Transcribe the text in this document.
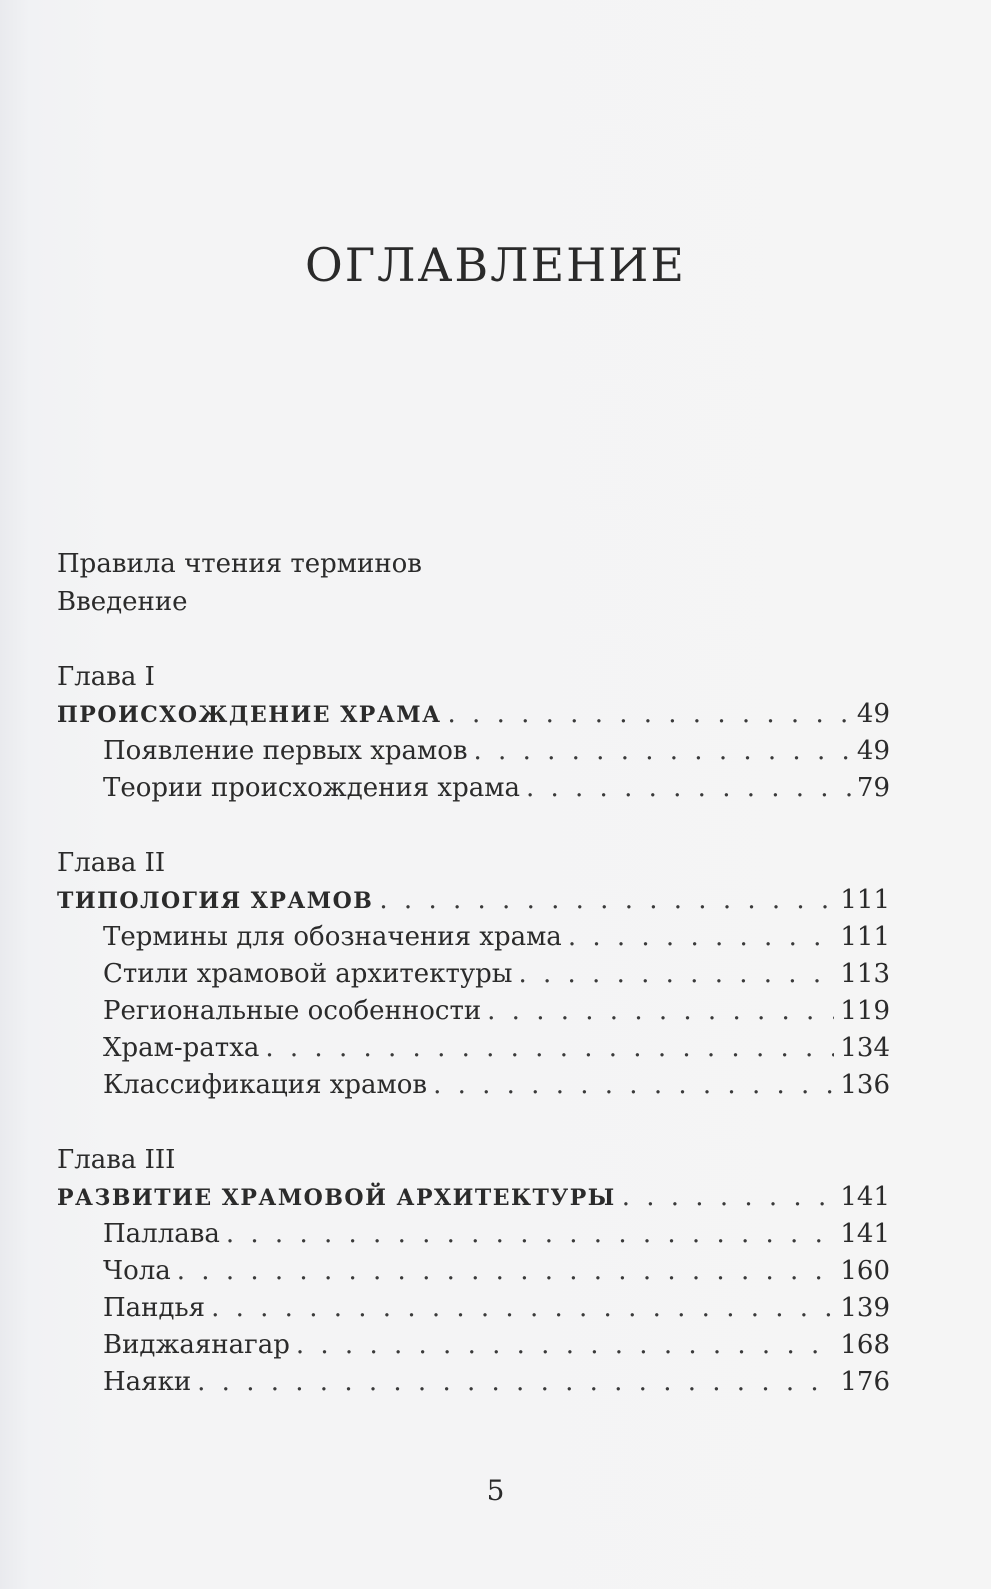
ОГЛАВЛЕНИЕ
Правила чтения терминов
Введение
Глава I
ПРОИСХОЖДЕНИЕ ХРАМА . . .	49
Появление первых храмов . . .	49
Теории происхождения храма . . .	79
Глава II
ТИПОЛОГИЯ ХРАМОВ . . .	111
Термины для обозначения храма . . .	111
Стили храмовой архитектуры . . .	113
Региональные особенности . . .	119
Храм-ратха . . .	134
Классификация храмов . . .	136
Глава III
РАЗВИТИЕ ХРАМОВОЙ АРХИТЕКТУРЫ . . .	141
Паллава . . .	141
Чола . . .	160
Пандья . . .	139
Виджаянагар . . .	168
Наяки . . .	176
5
